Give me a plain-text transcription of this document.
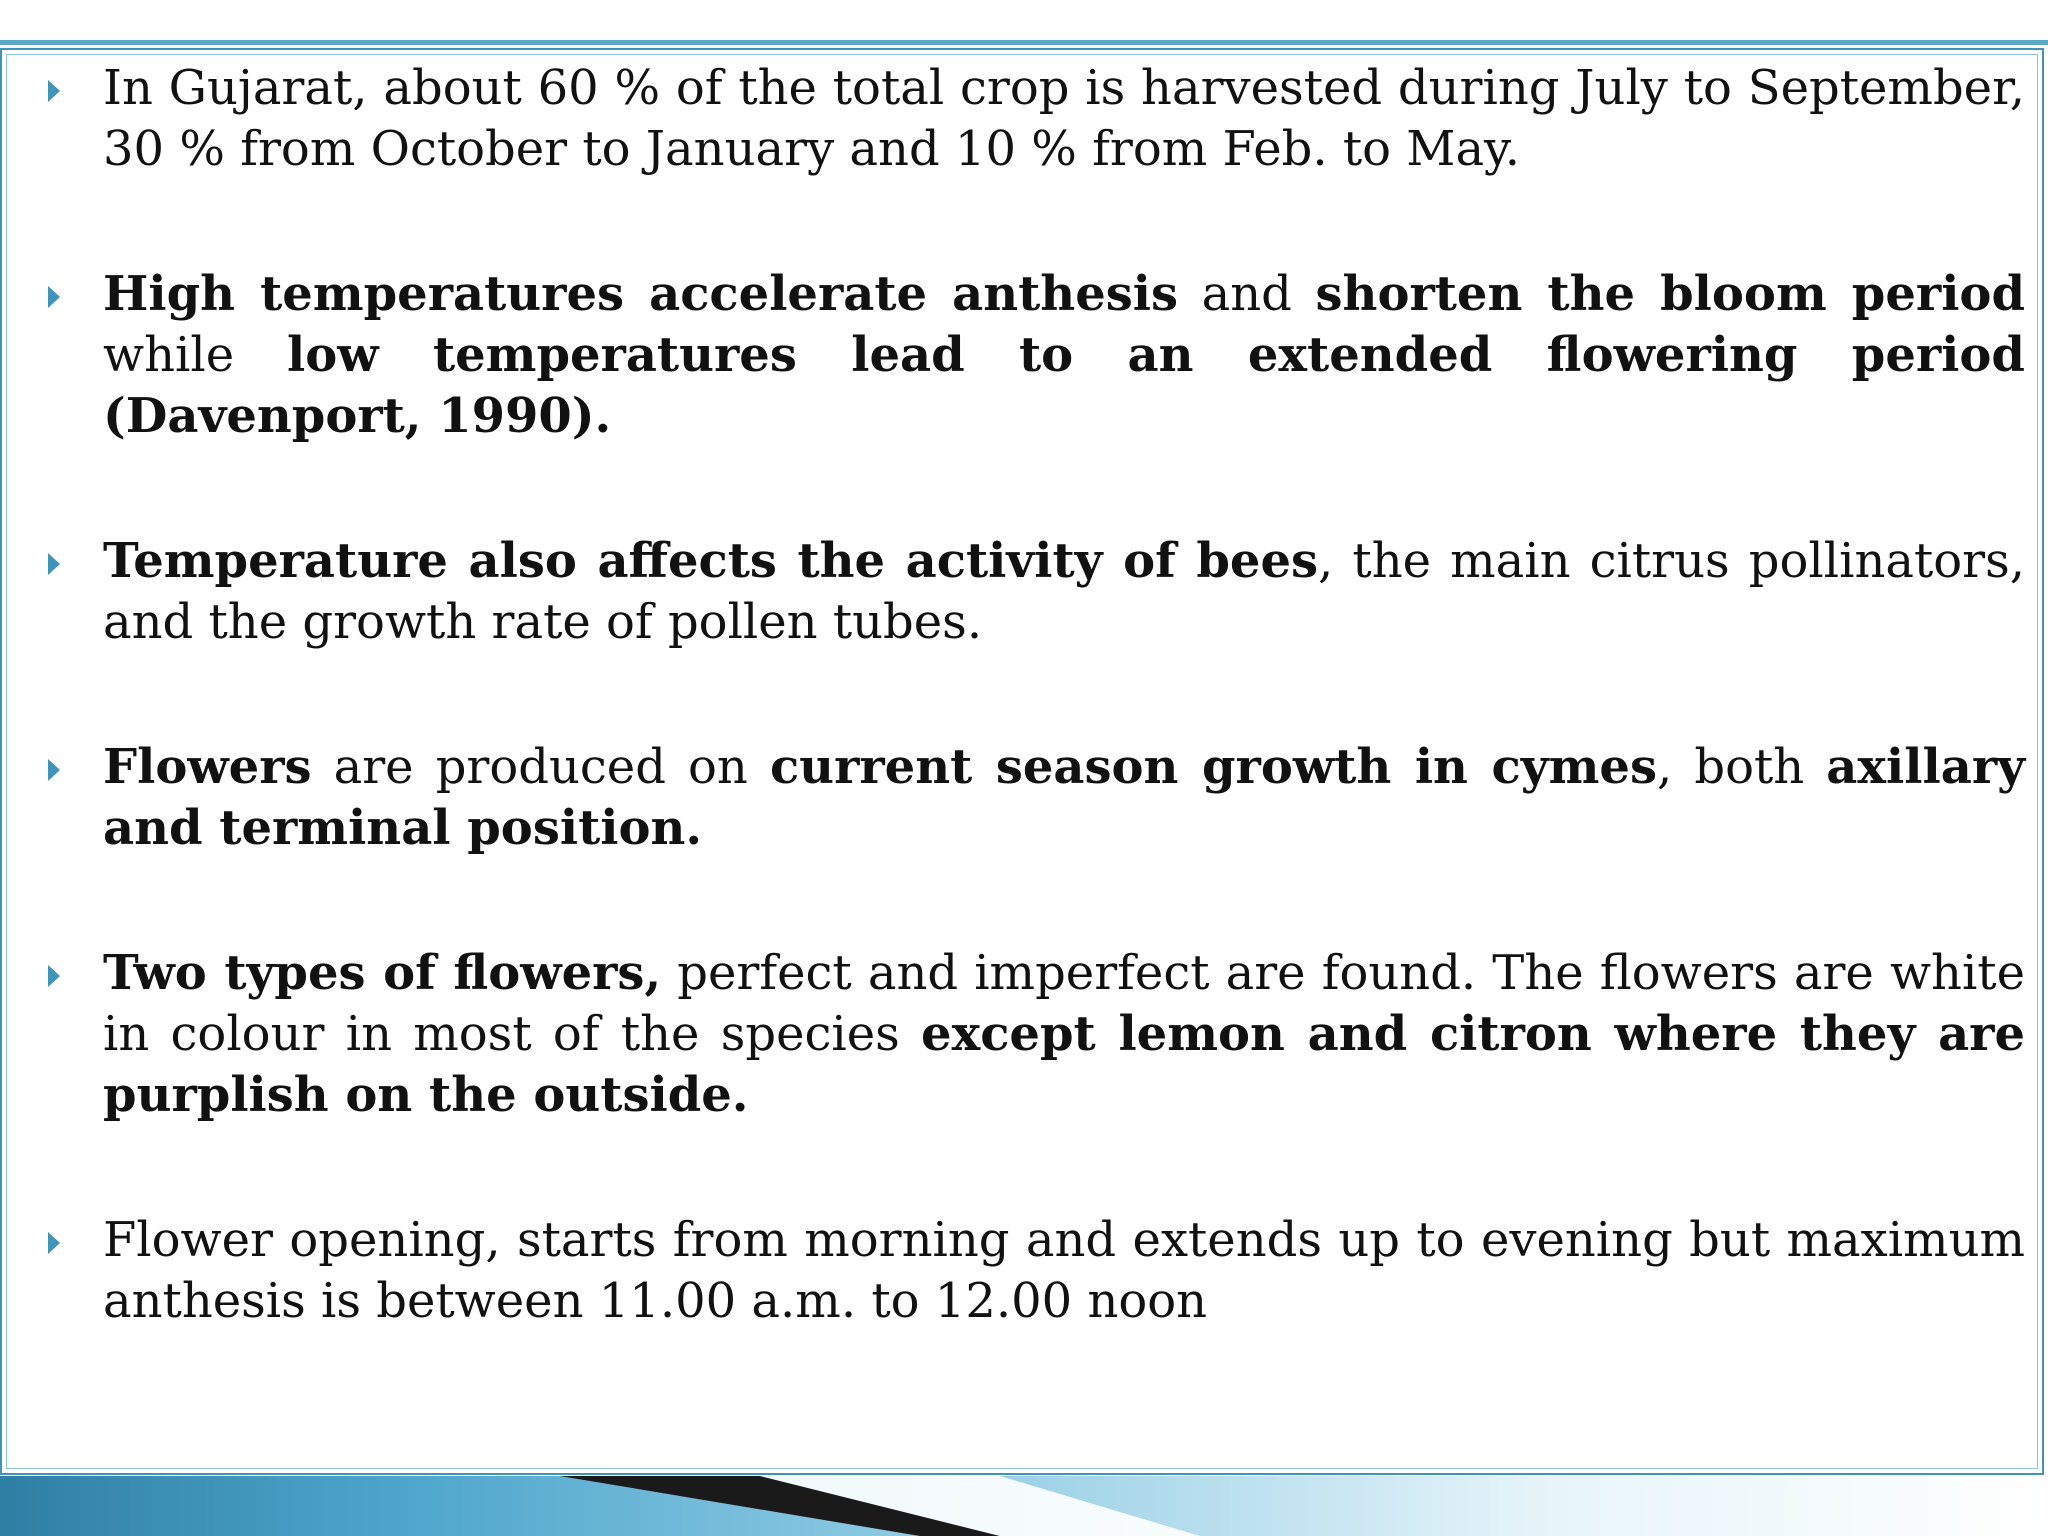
In Gujarat, about 60 % of the total crop is harvested during July to September, 30 % from October to January and 10 % from Feb. to May.
High temperatures accelerate anthesis and shorten the bloom period while low temperatures lead to an extended flowering period (Davenport, 1990).
Temperature also affects the activity of bees, the main citrus pollinators, and the growth rate of pollen tubes.
Flowers are produced on current season growth in cymes, both axillary and terminal position.
Two types of flowers, perfect and imperfect are found. The flowers are white in colour in most of the species except lemon and citron where they are purplish on the outside.
Flower opening, starts from morning and extends up to evening but maximum anthesis is between 11.00 a.m. to 12.00 noon
